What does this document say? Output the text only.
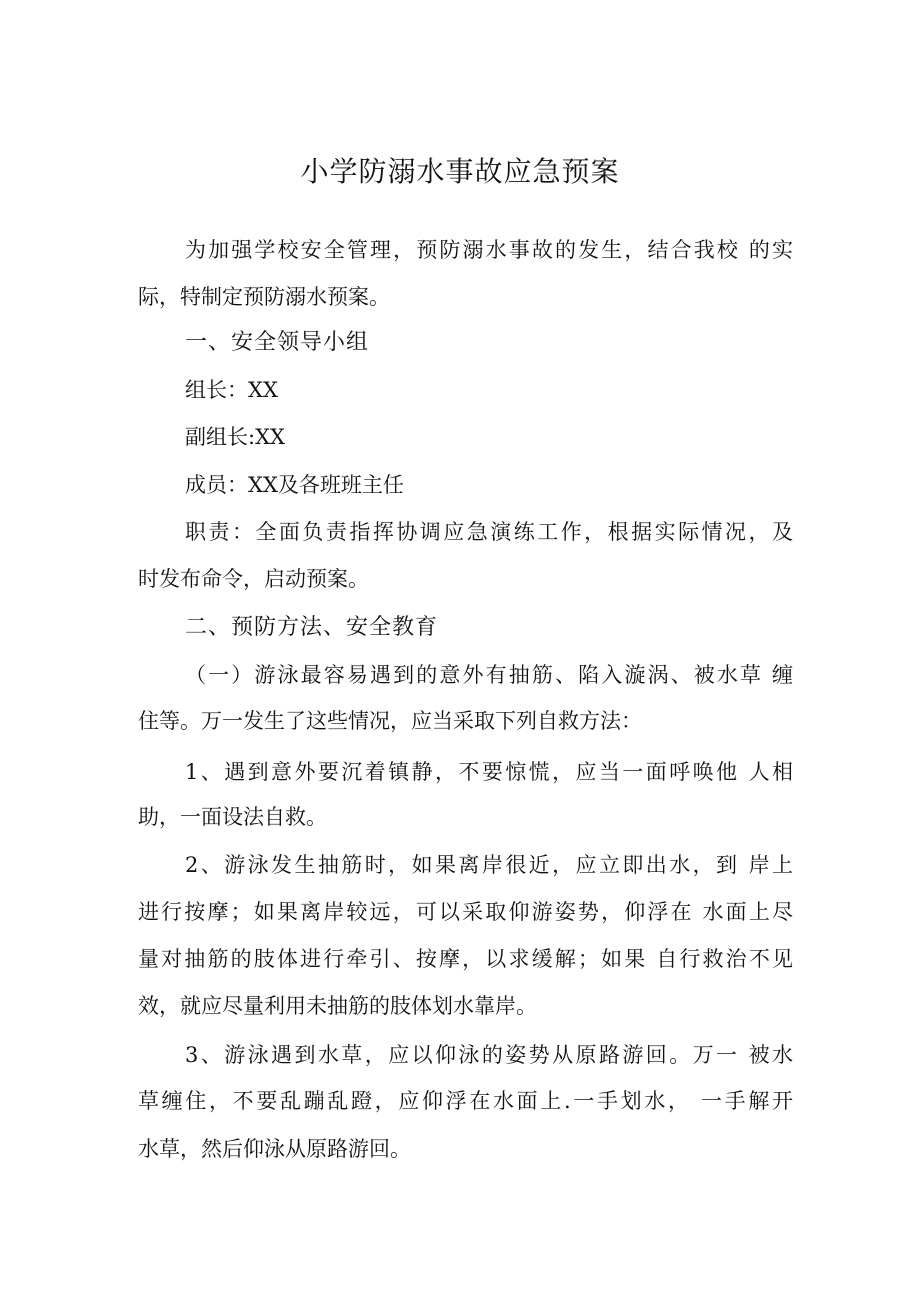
小学防溺水事故应急预案
为加强学校安全管理，预防溺水事故的发生，结合我校 的实
际，特制定预防溺水预案。
一、安全领导小组
组长：XX
副组长:XX
成员：XX及各班班主任
职责：全面负责指挥协调应急演练工作，根据实际情况，及
时发布命令，启动预案。
二、预防方法、安全教育
（一）游泳最容易遇到的意外有抽筋、陷入漩涡、被水草 缠
住等。万一发生了这些情况，应当采取下列自救方法：
1、遇到意外要沉着镇静，不要惊慌，应当一面呼唤他 人相
助，一面设法自救。
2、游泳发生抽筋时，如果离岸很近，应立即出水，到 岸上
进行按摩；如果离岸较远，可以采取仰游姿势，仰浮在 水面上尽
量对抽筋的肢体进行牵引、按摩，以求缓解；如果 自行救治不见
效，就应尽量利用未抽筋的肢体划水靠岸。
3、游泳遇到水草，应以仰泳的姿势从原路游回。万一 被水
草缠住，不要乱蹦乱蹬，应仰浮在水面上.一手划水， 一手解开
水草，然后仰泳从原路游回。
